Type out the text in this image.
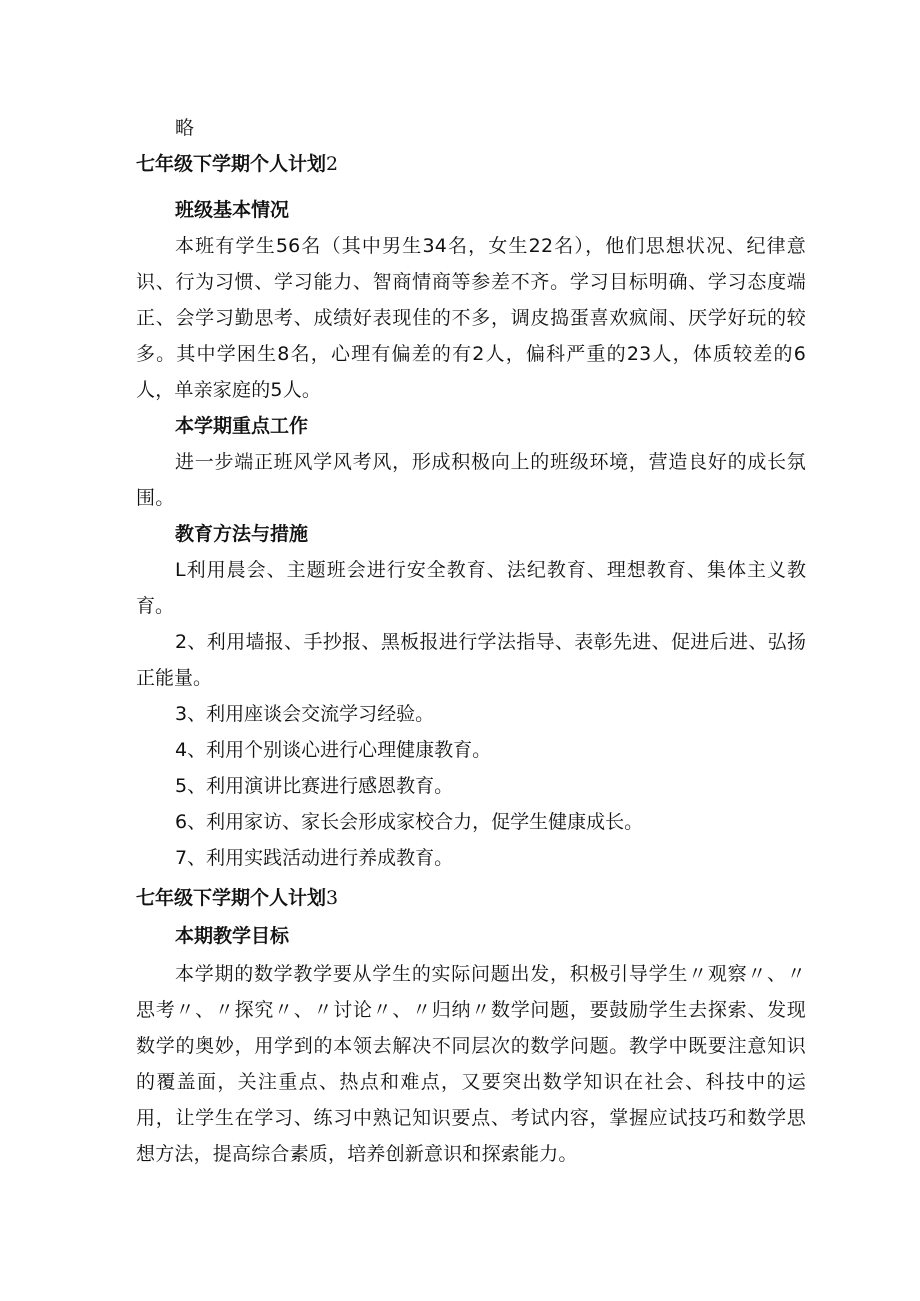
略
七年级下学期个人计划2
班级基本情况
本班有学生56名（其中男生34名，女生22名），他们思想状况、纪律意识、行为习惯、学习能力、智商情商等参差不齐。学习目标明确、学习态度端正、会学习勤思考、成绩好表现佳的不多，调皮捣蛋喜欢疯闹、厌学好玩的较多。其中学困生8名，心理有偏差的有2人，偏科严重的23人，体质较差的6人，单亲家庭的5人。
本学期重点工作
进一步端正班风学风考风，形成积极向上的班级环境，营造良好的成长氛围。
教育方法与措施
L利用晨会、主题班会进行安全教育、法纪教育、理想教育、集体主义教育。
2、利用墙报、手抄报、黑板报进行学法指导、表彰先进、促进后进、弘扬正能量。
3、利用座谈会交流学习经验。
4、利用个别谈心进行心理健康教育。
5、利用演讲比赛进行感恩教育。
6、利用家访、家长会形成家校合力，促学生健康成长。
7、利用实践活动进行养成教育。
七年级下学期个人计划3
本期教学目标
本学期的数学教学要从学生的实际问题出发，积极引导学生〃观察〃、〃思考〃、〃探究〃、〃讨论〃、〃归纳〃数学问题，要鼓励学生去探索、发现数学的奥妙，用学到的本领去解决不同层次的数学问题。教学中既要注意知识的覆盖面，关注重点、热点和难点，又要突出数学知识在社会、科技中的运用，让学生在学习、练习中熟记知识要点、考试内容，掌握应试技巧和数学思想方法，提高综合素质，培养创新意识和探索能力。
